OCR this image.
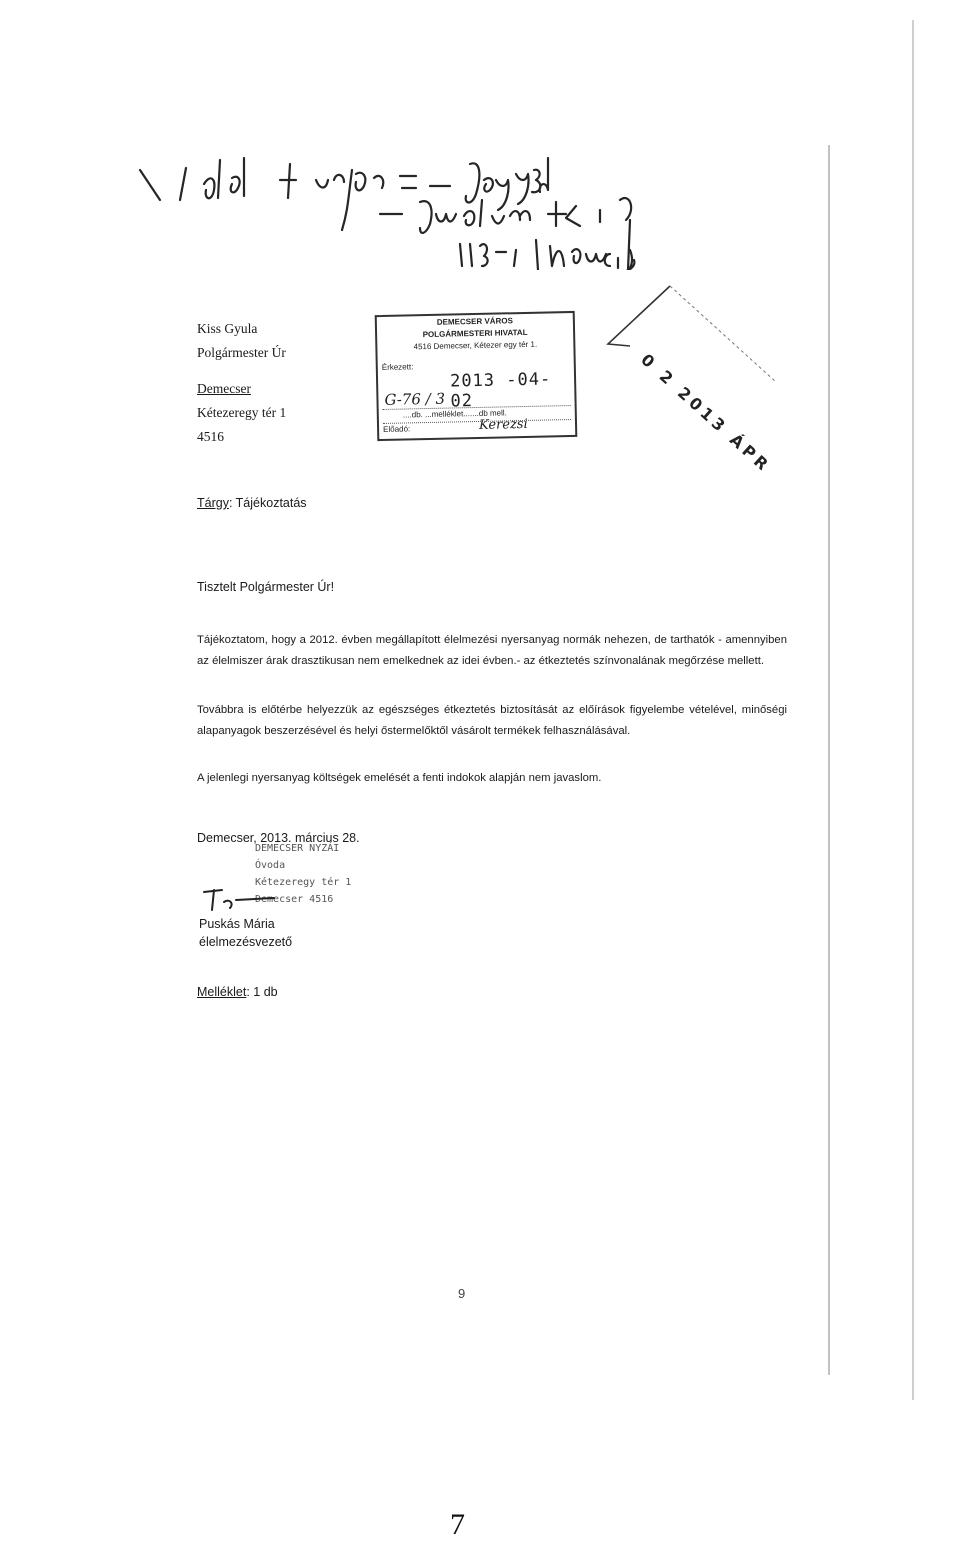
Kiss Gyula
Polgármester Úr
Demecser
Kétezeregy tér 1
4516
DEMECSER VÁROS
POLGÁRMESTERI HIVATAL
4516 Demecser, Kétezer egy tér 1.
Érkezett:
2013 -04- 02
G-76 / 3
....db. ...melléklet.......db mell.
Előadó:	Kerezsi	0 2 2013 ÁPR
Tárgy: Tájékoztatás
Tisztelt Polgármester Úr!
Tájékoztatom, hogy a 2012. évben megállapított élelmezési nyersanyag normák nehezen, de tarthatók - amennyiben az élelmiszer árak drasztikusan nem emelkednek az idei évben.- az étkeztetés színvonalának megőrzése mellett.
Továbbra is előtérbe helyezzük az egészséges étkeztetés biztosítását az előírások figyelembe vételével, minőségi alapanyagok beszerzésével és helyi őstermelőktől vásárolt termékek felhasználásával.
A jelenlegi nyersanyag költségek emelését a fenti indokok alapján nem javaslom.
Demecser, 2013. március 28.
DEMECSER NYZÁI
Óvoda
Kétezeregy tér 1
Demecser 4516
Puskás Mária
élelmezésvezető
Melléklet: 1 db
9
7
